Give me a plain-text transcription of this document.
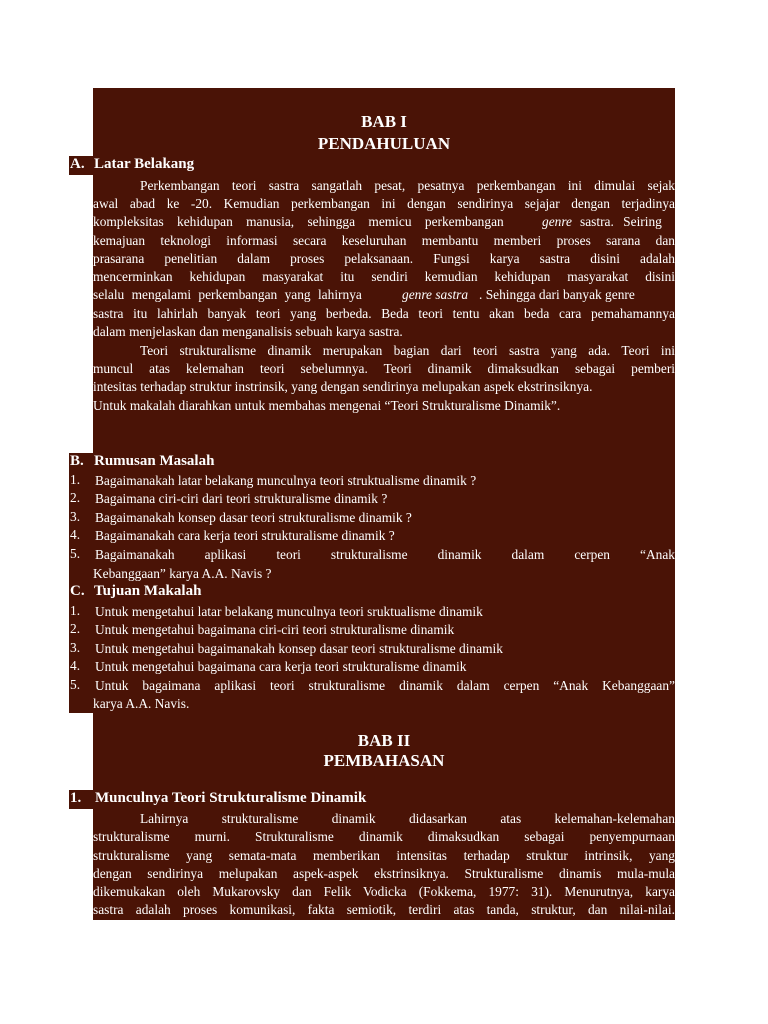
BAB I
PENDAHULUAN
A. Latar Belakang
Perkembangan teori sastra sangatlah pesat, pesatnya perkembangan ini dimulai sejak
awal abad ke -20. Kemudian perkembangan ini dengan sendirinya sejajar dengan terjadinya
kompleksitas kehidupan manusia, sehingga memicu perkembangan	genre sastra. Seiring
kemajuan teknologi informasi secara keseluruhan membantu memberi proses sarana dan
prasarana penelitian dalam proses pelaksanaan. Fungsi karya sastra disini adalah
mencerminkan kehidupan masyarakat itu sendiri kemudian kehidupan masyarakat disini
selalu mengalami perkembangan yang lahirnya	genre sastra . Sehingga dari banyak genre
sastra itu lahirlah banyak teori yang berbeda. Beda teori tentu akan beda cara pemahamannya
dalam menjelaskan dan menganalisis sebuah karya sastra.
Teori strukturalisme dinamik merupakan bagian dari teori sastra yang ada. Teori ini
muncul atas kelemahan teori sebelumnya. Teori dinamik dimaksudkan sebagai pemberi
intesitas terhadap struktur instrinsik, yang dengan sendirinya melupakan aspek ekstrinsiknya.
Untuk makalah diarahkan untuk membahas mengenai “Teori Strukturalisme Dinamik”.
B. Rumusan Masalah
1. Bagaimanakah latar belakang munculnya teori struktualisme dinamik ?
2. Bagaimana ciri-ciri dari teori strukturalisme dinamik ?
3. Bagaimanakah konsep dasar teori strukturalisme dinamik ?
4. Bagaimanakah cara kerja teori strukturalisme dinamik ?
5. Bagaimanakah aplikasi teori strukturalisme dinamik dalam cerpen “Anak
Kebanggaan” karya A.A. Navis ?
C. Tujuan Makalah
1. Untuk mengetahui latar belakang munculnya teori sruktualisme dinamik
2. Untuk mengetahui bagaimana ciri-ciri teori strukturalisme dinamik
3. Untuk mengetahui bagaimanakah konsep dasar teori strukturalisme dinamik
4. Untuk mengetahui bagaimana cara kerja teori strukturalisme dinamik
5. Untuk bagaimana aplikasi teori strukturalisme dinamik dalam cerpen “Anak Kebanggaan”
karya A.A. Navis.
BAB II
PEMBAHASAN
1. Munculnya Teori Strukturalisme Dinamik
Lahirnya strukturalisme dinamik didasarkan atas kelemahan-kelemahan
strukturalisme murni. Strukturalisme dinamik dimaksudkan sebagai penyempurnaan
strukturalisme yang semata-mata memberikan intensitas terhadap struktur intrinsik, yang
dengan sendirinya melupakan aspek-aspek ekstrinsiknya. Strukturalisme dinamis mula-mula
dikemukakan oleh Mukarovsky dan Felik Vodicka (Fokkema, 1977: 31). Menurutnya, karya
sastra adalah proses komunikasi, fakta semiotik, terdiri atas tanda, struktur, dan nilai-nilai.
